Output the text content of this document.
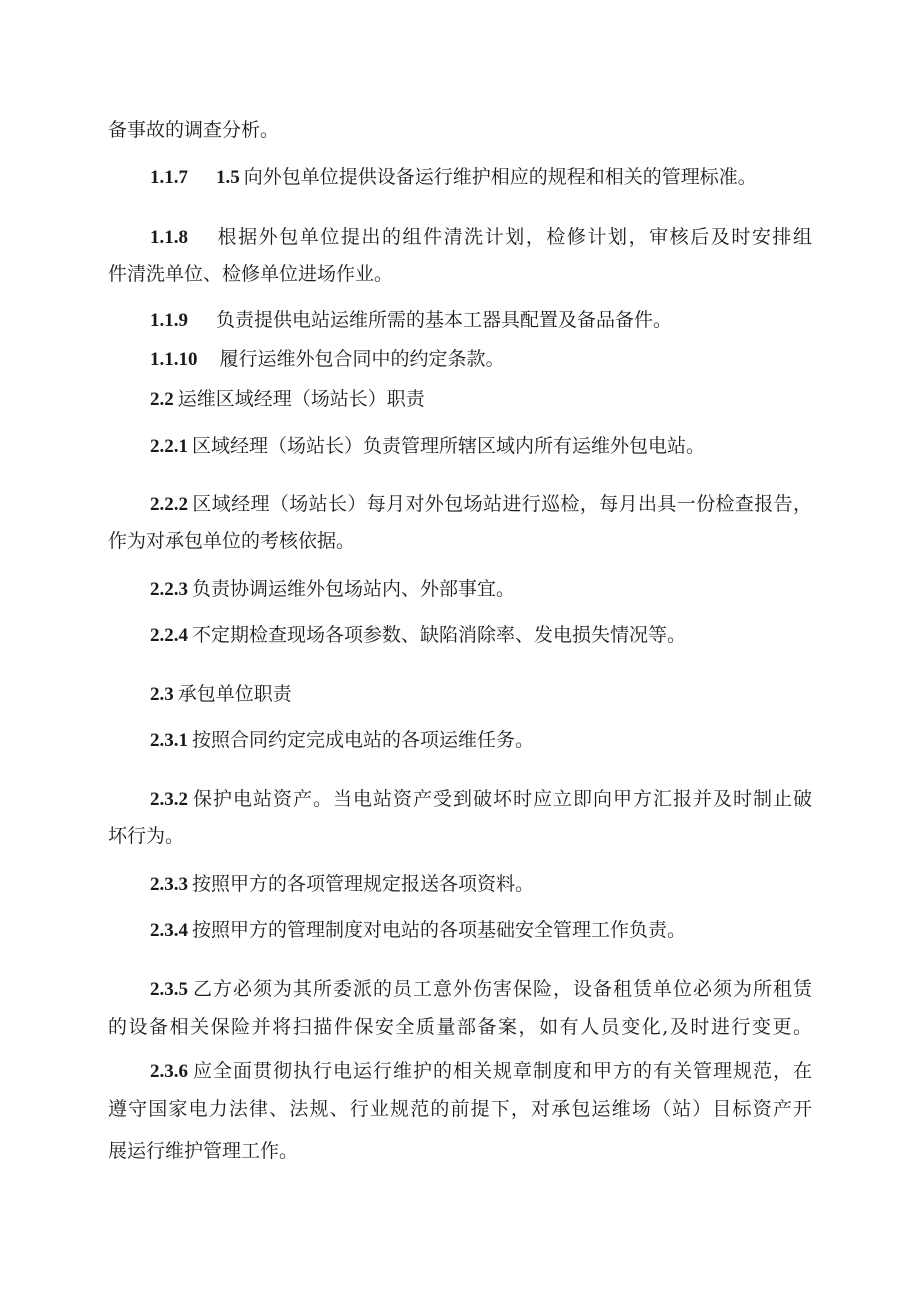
备事故的调查分析。
1.1.7 1.5 向外包单位提供设备运行维护相应的规程和相关的管理标准。
1.1.8 根据外包单位提出的组件清洗计划，检修计划，审核后及时安排组
件清洗单位、检修单位进场作业。
1.1.9 负责提供电站运维所需的基本工器具配置及备品备件。
1.1.10 履行运维外包合同中的约定条款。
2.2 运维区域经理（场站长）职责
2.2.1 区域经理（场站长）负责管理所辖区域内所有运维外包电站。
2.2.2 区域经理（场站长）每月对外包场站进行巡检，每月出具一份检查报告，
作为对承包单位的考核依据。
2.2.3 负责协调运维外包场站内、外部事宜。
2.2.4 不定期检查现场各项参数、缺陷消除率、发电损失情况等。
2.3 承包单位职责
2.3.1 按照合同约定完成电站的各项运维任务。
2.3.2 保护电站资产。当电站资产受到破坏时应立即向甲方汇报并及时制止破
坏行为。
2.3.3 按照甲方的各项管理规定报送各项资料。
2.3.4 按照甲方的管理制度对电站的各项基础安全管理工作负责。
2.3.5 乙方必须为其所委派的员工意外伤害保险，设备租赁单位必须为所租赁
的设备相关保险并将扫描件保安全质量部备案，如有人员变化,及时进行变更。
2.3.6 应全面贯彻执行电运行维护的相关规章制度和甲方的有关管理规范，在
遵守国家电力法律、法规、行业规范的前提下，对承包运维场（站）目标资产开
展运行维护管理工作。
